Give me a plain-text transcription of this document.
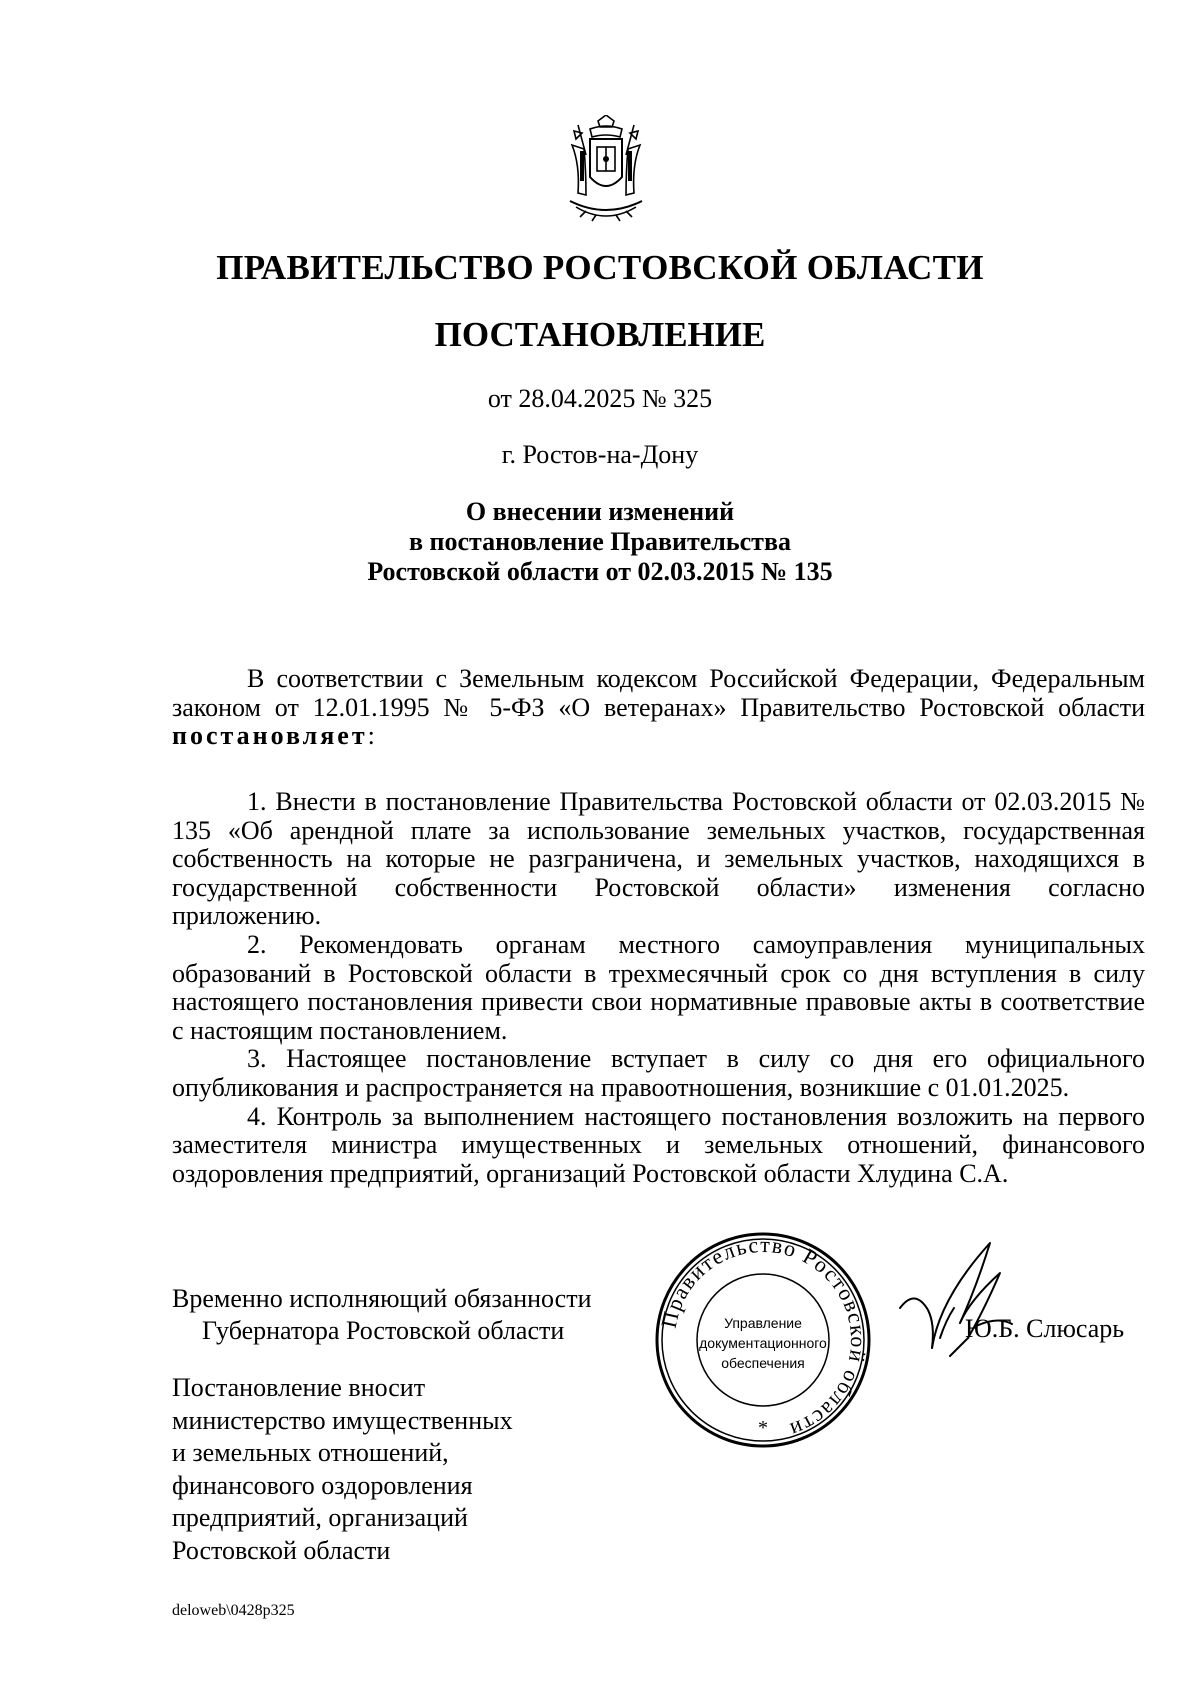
ПРАВИТЕЛЬСТВО РОСТОВСКОЙ ОБЛАСТИ
ПОСТАНОВЛЕНИЕ
от 28.04.2025 № 325
г. Ростов-на-Дону
О внесении изменений
в постановление Правительства
Ростовской области от 02.03.2015 № 135

В соответствии с Земельным кодексом Российской Федерации, Федеральным законом от 12.01.1995 № 5-ФЗ «О ветеранах» Правительство Ростовской области постановляет:

1. Внести в постановление Правительства Ростовской области от 02.03.2015 № 135 «Об арендной плате за использование земельных участков, государственная собственность на которые не разграничена, и земельных участков, находящихся в государственной собственности Ростовской области» изменения согласно приложению.

2. Рекомендовать органам местного самоуправления муниципальных образований в Ростовской области в трехмесячный срок со дня вступления в силу настоящего постановления привести свои нормативные правовые акты в соответствие с настоящим постановлением.

3. Настоящее постановление вступает в силу со дня его официального опубликования и распространяется на правоотношения, возникшие с 01.01.2025.

4. Контроль за выполнением настоящего постановления возложить на первого заместителя министра имущественных и земельных отношений, финансового оздоровления предприятий, организаций Ростовской области Хлудина С.А.

Временно исполняющий обязанности
Губернатора Ростовской области	Правительство Ростовской области
Управление
документационного
обеспечения
*
Ю.Б. Слюсарь
Постановление вносит
министерство имущественных
и земельных отношений,
финансового оздоровления
предприятий, организаций
Ростовской области
deloweb\0428p325
